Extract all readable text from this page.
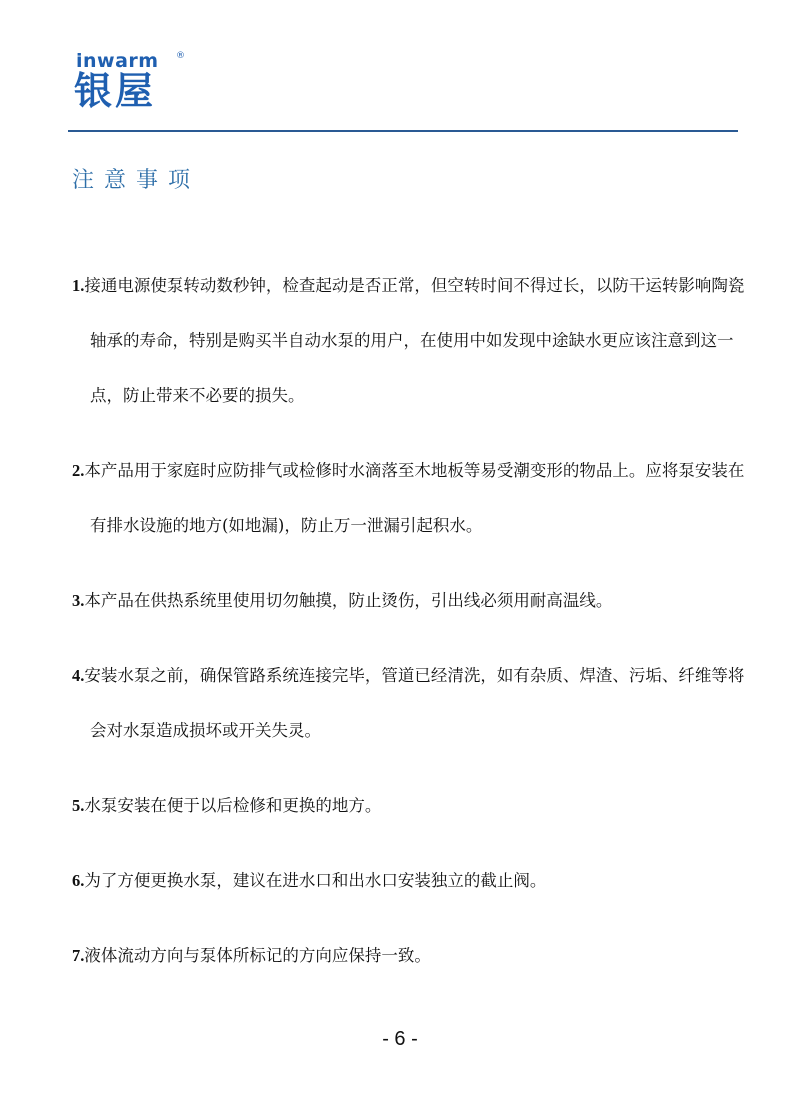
inwarm ®
银屋
注意事项
1.接通电源使泵转动数秒钟，检查起动是否正常，但空转时间不得过长，以防干运转影响陶瓷轴承的寿命，特别是购买半自动水泵的用户，在使用中如发现中途缺水更应该注意到这一点，防止带来不必要的损失。
2.本产品用于家庭时应防排气或检修时水滴落至木地板等易受潮变形的物品上。应将泵安装在有排水设施的地方(如地漏)，防止万一泄漏引起积水。
3.本产品在供热系统里使用切勿触摸，防止烫伤，引出线必须用耐高温线。
4.安装水泵之前，确保管路系统连接完毕，管道已经清洗，如有杂质、焊渣、污垢、纤维等将会对水泵造成损坏或开关失灵。
5.水泵安装在便于以后检修和更换的地方。
6.为了方便更换水泵，建议在进水口和出水口安装独立的截止阀。
7.液体流动方向与泵体所标记的方向应保持一致。
- 6 -
